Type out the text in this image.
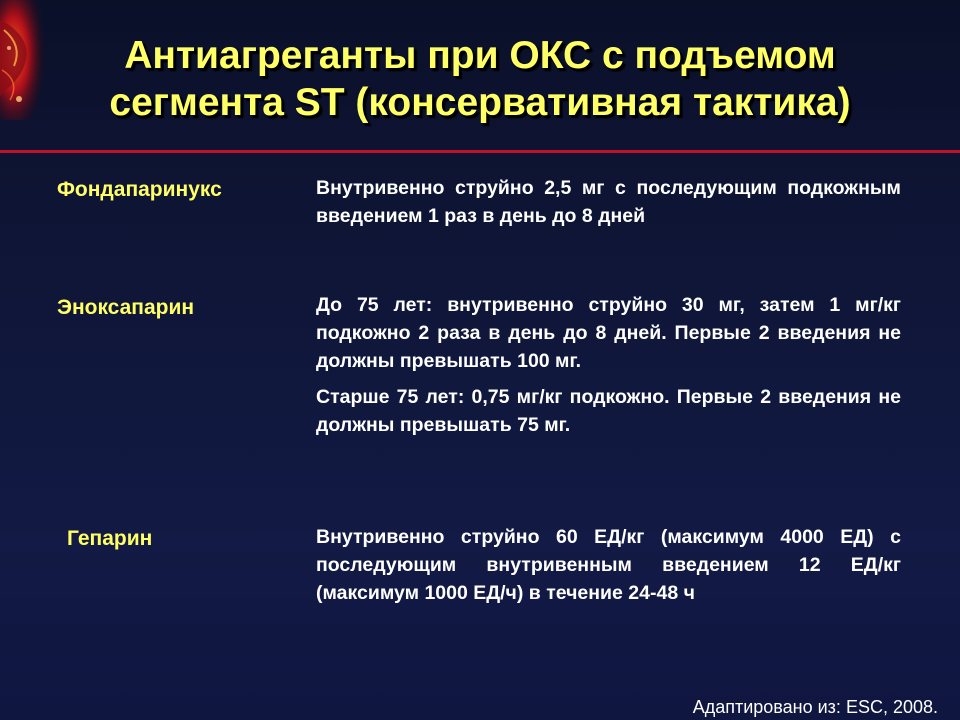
Антиагреганты при ОКС с подъемом
сегмента ST (консервативная тактика)
Фондапаринукс	Внутривенно струйно 2,5 мг с последующим подкожным введением 1 раз в день до 8 дней

Эноксапарин	До 75 лет: внутривенно струйно 30 мг, затем 1 мг/кг подкожно 2 раза в день до 8 дней. Первые 2 введения не должны превышать 100 мг.

Старше 75 лет: 0,75 мг/кг подкожно. Первые 2 введения не должны превышать 75 мг.

Гепарин	Внутривенно струйно 60 ЕД/кг (максимум 4000 ЕД) с последующим внутривенным введением 12 ЕД/кг (максимум 1000 ЕД/ч) в течение 24-48 ч

Адаптировано из: ESC, 2008.
